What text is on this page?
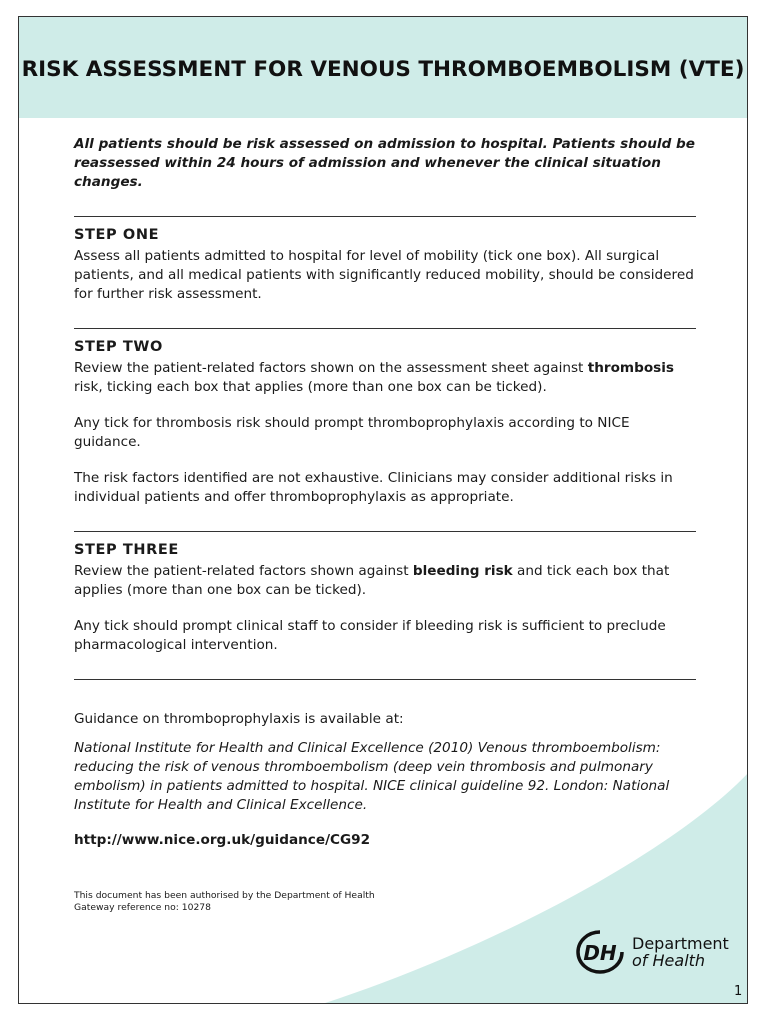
RISK ASSESSMENT FOR VENOUS THROMBOEMBOLISM (VTE)

All patients should be risk assessed on admission to hospital. Patients should be reassessed within 24 hours of admission and whenever the clinical situation changes.

STEP ONE

Assess all patients admitted to hospital for level of mobility (tick one box). All surgical patients, and all medical patients with significantly reduced mobility, should be considered for further risk assessment.

STEP TWO

Review the patient-related factors shown on the assessment sheet against thrombosis risk, ticking each box that applies (more than one box can be ticked).

Any tick for thrombosis risk should prompt thromboprophylaxis according to NICE guidance.

The risk factors identified are not exhaustive. Clinicians may consider additional risks in individual patients and offer thromboprophylaxis as appropriate.

STEP THREE

Review the patient-related factors shown against bleeding risk and tick each box that applies (more than one box can be ticked).

Any tick should prompt clinical staff to consider if bleeding risk is sufficient to preclude pharmacological intervention.

Guidance on thromboprophylaxis is available at:

National Institute for Health and Clinical Excellence (2010) Venous thromboembolism: reducing the risk of venous thromboembolism (deep vein thrombosis and pulmonary embolism) in patients admitted to hospital. NICE clinical guideline 92. London: National Institute for Health and Clinical Excellence.

http://www.nice.org.uk/guidance/CG92

This document has been authorised by the Department of Health
Gateway reference no: 10278
DH Department
of Health
1
